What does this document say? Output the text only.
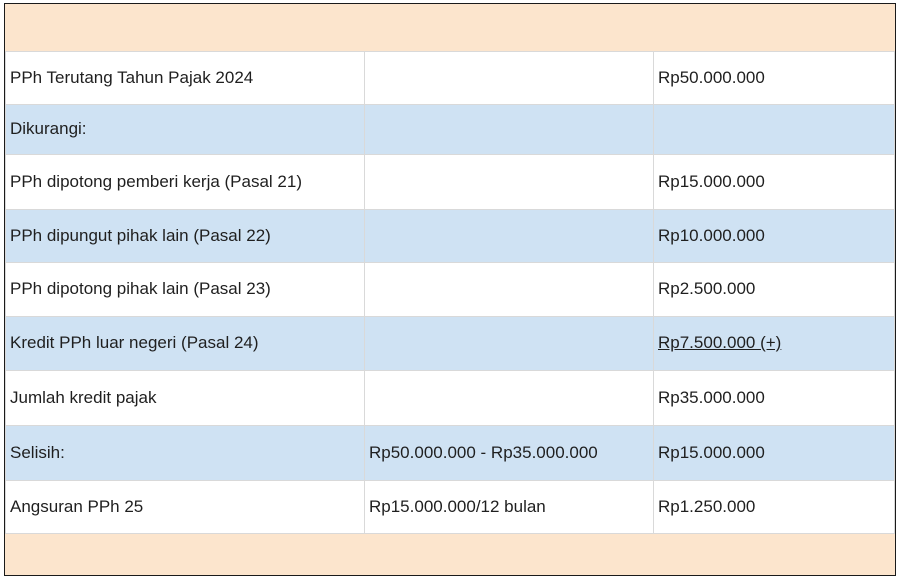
PPh Terutang Tahun Pajak 2024		Rp50.000.000
Dikurangi:		
PPh dipotong pemberi kerja (Pasal 21)		Rp15.000.000
PPh dipungut pihak lain (Pasal 22)		Rp10.000.000
PPh dipotong pihak lain (Pasal 23)		Rp2.500.000
Kredit PPh luar negeri (Pasal 24)		Rp7.500.000 (+)
Jumlah kredit pajak		Rp35.000.000
Selisih:	Rp50.000.000 - Rp35.000.000	Rp15.000.000
Angsuran PPh 25	Rp15.000.000/12 bulan	Rp1.250.000
